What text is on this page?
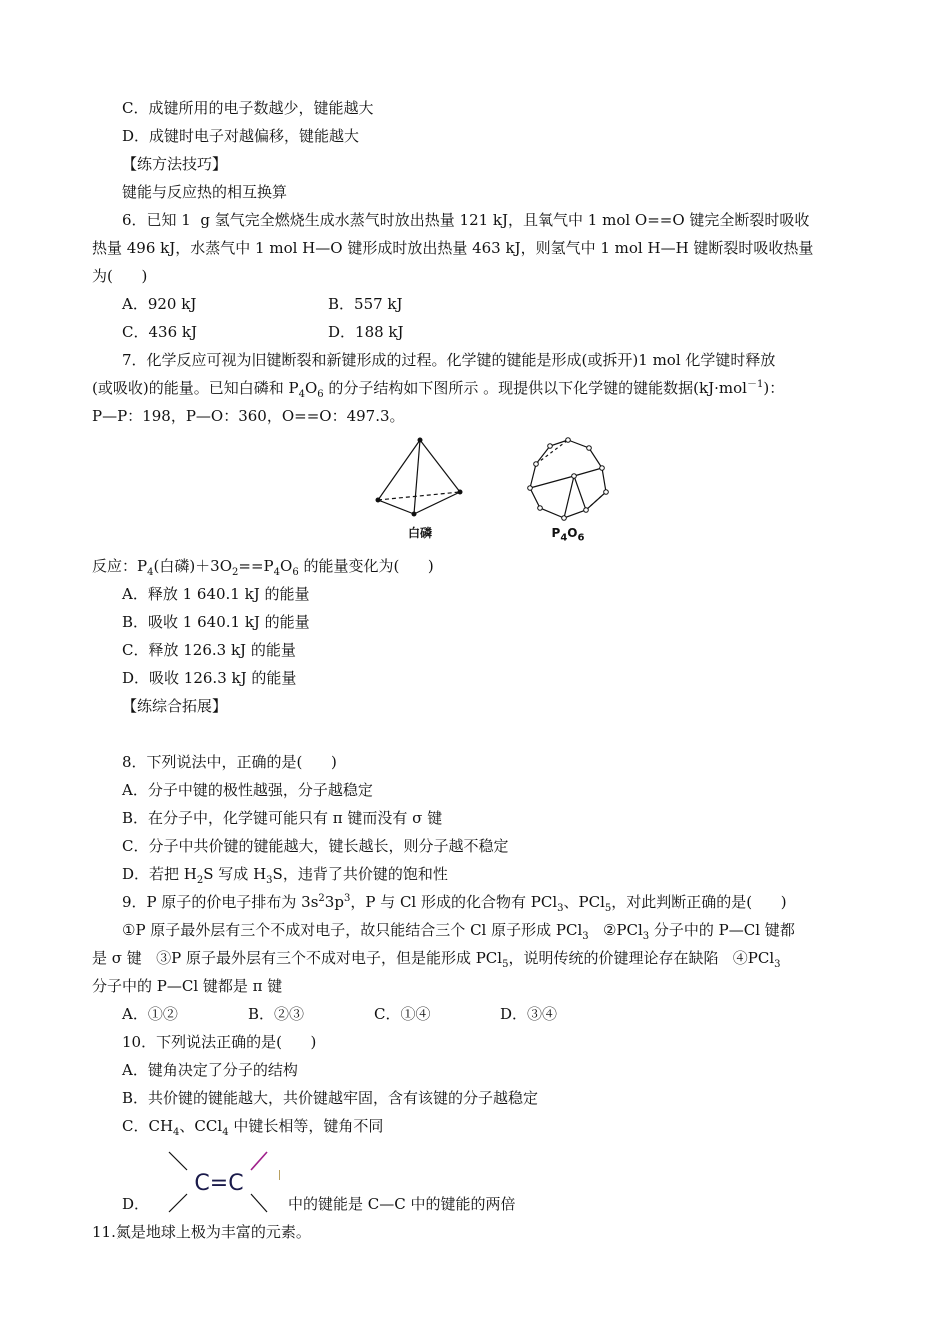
C．成键所用的电子数越少，键能越大
D．成键时电子对越偏移，键能越大
【练方法技巧】
键能与反应热的相互换算
6．已知 1  g 氢气完全燃烧生成水蒸气时放出热量 121 kJ，且氧气中 1 mol O==O 键完全断裂时吸收
热量 496 kJ，水蒸气中 1 mol H—O 键形成时放出热量 463 kJ，则氢气中 1 mol H—H 键断裂时吸收热量
为(      )
A．920 kJ	B．557 kJ
C．436 kJ	D．188 kJ
7．化学反应可视为旧键断裂和新键形成的过程。化学键的键能是形成(或拆开)1 mol 化学键时释放
(或吸收)的能量。已知白磷和 $P_4O_6$ 的分子结构如下图所示 。现提供以下化学键的键能数据(kJ·mol$^{-1}$)：
P—P：198，P—O：360，O==O：497.3。
白磷	$P_4O_6$
反应：$P_4$(白磷)$+3O_2==P_4O_6$ 的能量变化为(      )
A．释放 1 640.1 kJ 的能量
B．吸收 1 640.1 kJ 的能量
C．释放 126.3 kJ 的能量
D．吸收 126.3 kJ 的能量
【练综合拓展】

8．下列说法中，正确的是(      )
A．分子中键的极性越强，分子越稳定
B．在分子中，化学键可能只有 π 键而没有 σ 键
C．分子中共价键的键能越大，键长越长，则分子越不稳定
D．若把 $H_2S$ 写成 $H_3S$，违背了共价键的饱和性
9．P 原子的价电子排布为 $3s^23p^3$，P 与 Cl 形成的化合物有 PCl$_3$、PCl$_5$，对此判断正确的是(      )
①P 原子最外层有三个不成对电子，故只能结合三个 Cl 原子形成 PCl$_3$   ②PCl$_3$ 分子中的 P—Cl 键都
是 σ 键   ③P 原子最外层有三个不成对电子，但是能形成 PCl$_5$，说明传统的价键理论存在缺陷   ④PCl$_3$
分子中的 P—Cl 键都是 π 键
A．①②	B．②③	C．①④	D．③④
10．下列说法正确的是(      )
A．键角决定了分子的结构
B．共价键的键能越大，共价键越牢固，含有该键的分子越稳定
C．$CH_4$、CCl$_4$ 中键长相等，键角不同
D．
C=C
中的键能是 C—C 中的键能的两倍
11.氮是地球上极为丰富的元素。
